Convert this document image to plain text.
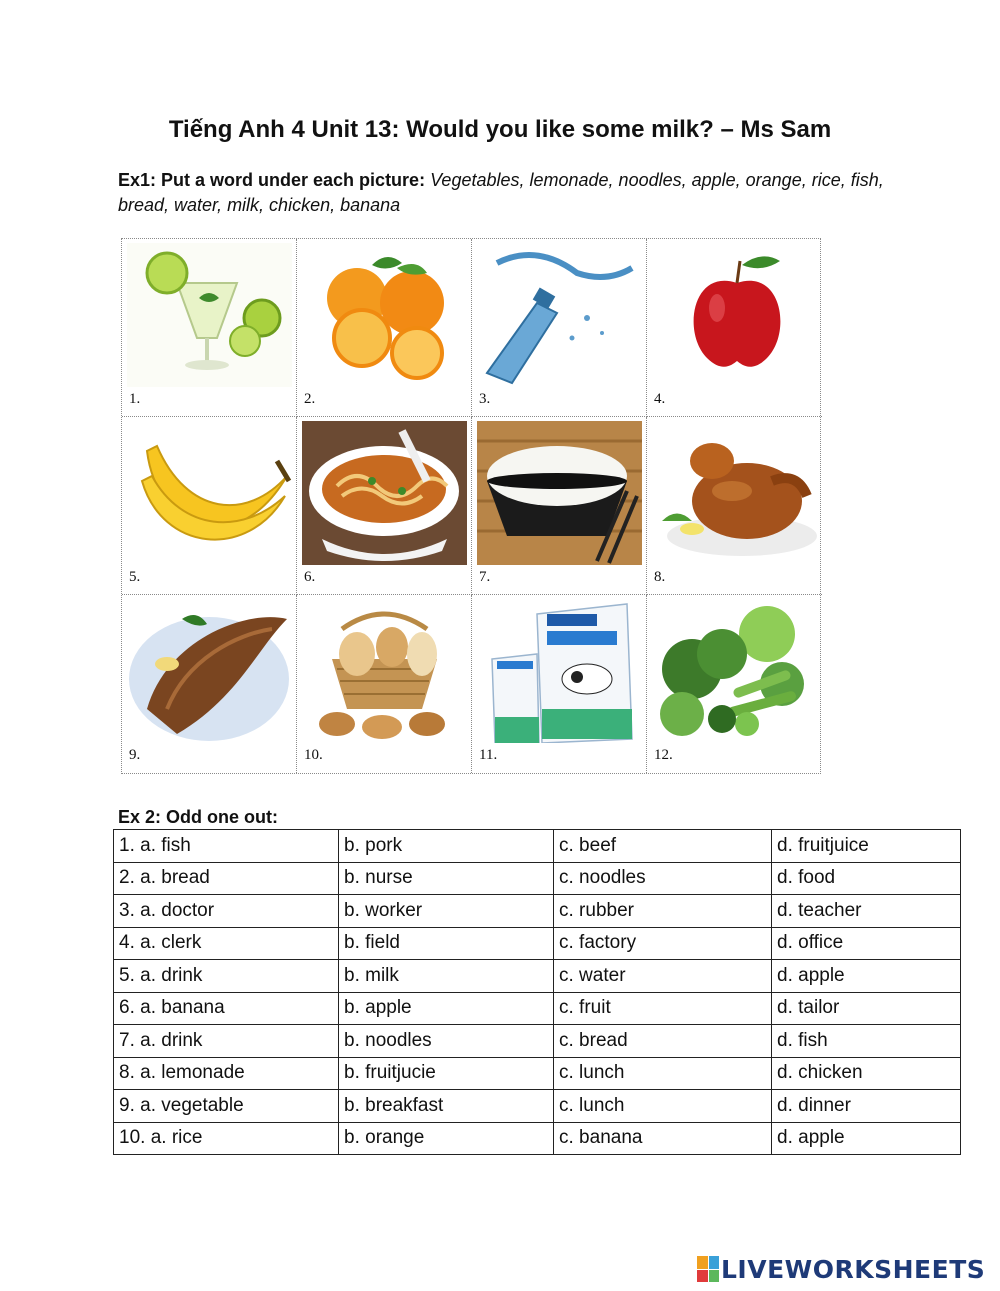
Tiếng Anh 4 Unit 13: Would you like some milk? – Ms Sam
Ex1: Put a word under each picture: Vegetables, lemonade, noodles, apple, orange, rice, fish, bread, water, milk, chicken, banana
1.	2.	3.	4.
5.	6.	7.	8.
9.	10.	11.	12.
Ex 2: Odd one out:
1. a. fish	b. pork	c. beef	d. fruitjuice
2. a. bread	b. nurse	c. noodles	d. food
3. a. doctor	b. worker	c. rubber	d. teacher
4. a. clerk	b. field	c. factory	d. office
5. a. drink	b. milk	c. water	d. apple
6. a. banana	b. apple	c. fruit	d. tailor
7. a. drink	b. noodles	c. bread	d. fish
8. a. lemonade	b. fruitjucie	c. lunch	d. chicken
9. a. vegetable	b. breakfast	c. lunch	d. dinner
10. a. rice	b. orange	c. banana	d. apple
LIVEWORKSHEETS
